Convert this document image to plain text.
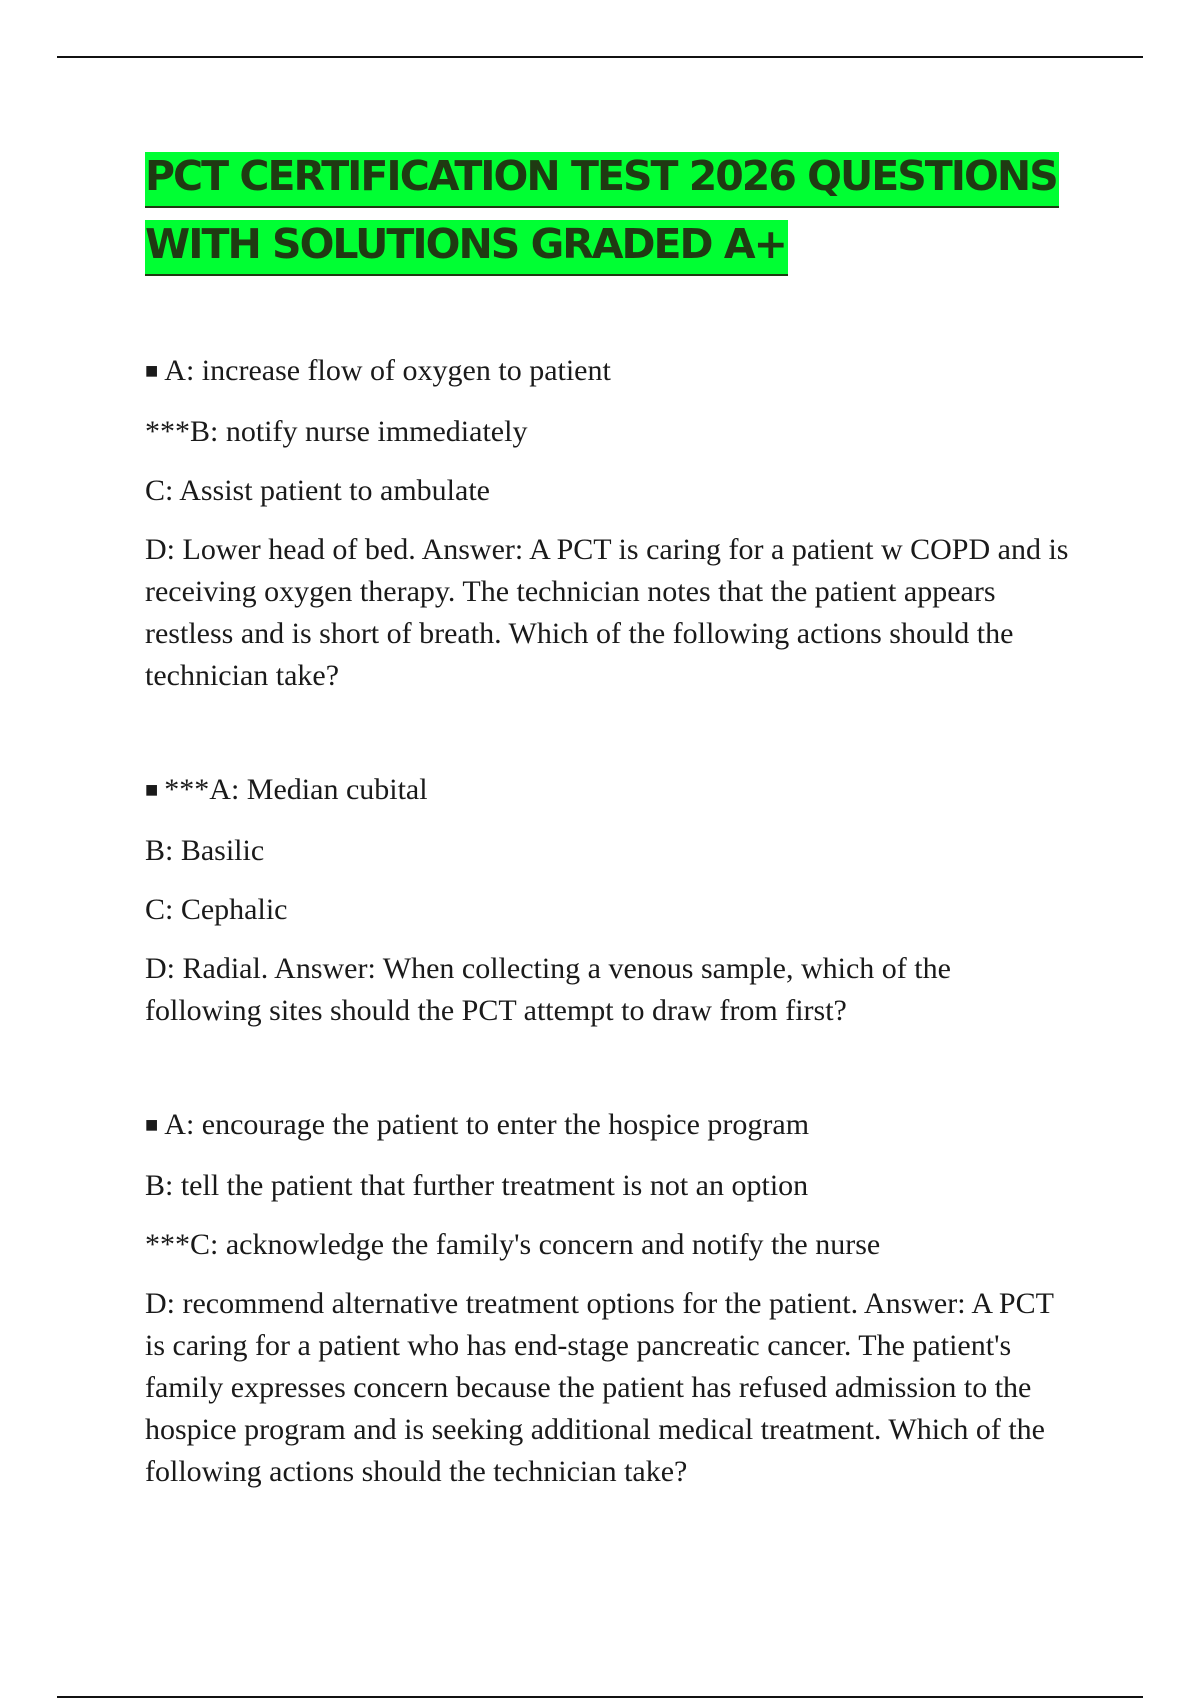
PCT CERTIFICATION TEST 2026 QUESTIONS
WITH SOLUTIONS GRADED A+

■ A: increase flow of oxygen to patient

***B: notify nurse immediately

C: Assist patient to ambulate

D: Lower head of bed. Answer: A PCT is caring for a patient w COPD and is receiving oxygen therapy. The technician notes that the patient appears restless and is short of breath. Which of the following actions should the technician take?

■ ***A: Median cubital

B: Basilic

C: Cephalic

D: Radial. Answer: When collecting a venous sample, which of the following sites should the PCT attempt to draw from first?

■ A: encourage the patient to enter the hospice program

B: tell the patient that further treatment is not an option

***C: acknowledge the family's concern and notify the nurse

D: recommend alternative treatment options for the patient. Answer: A PCT is caring for a patient who has end-stage pancreatic cancer. The patient's family expresses concern because the patient has refused admission to the hospice program and is seeking additional medical treatment. Which of the following actions should the technician take?
